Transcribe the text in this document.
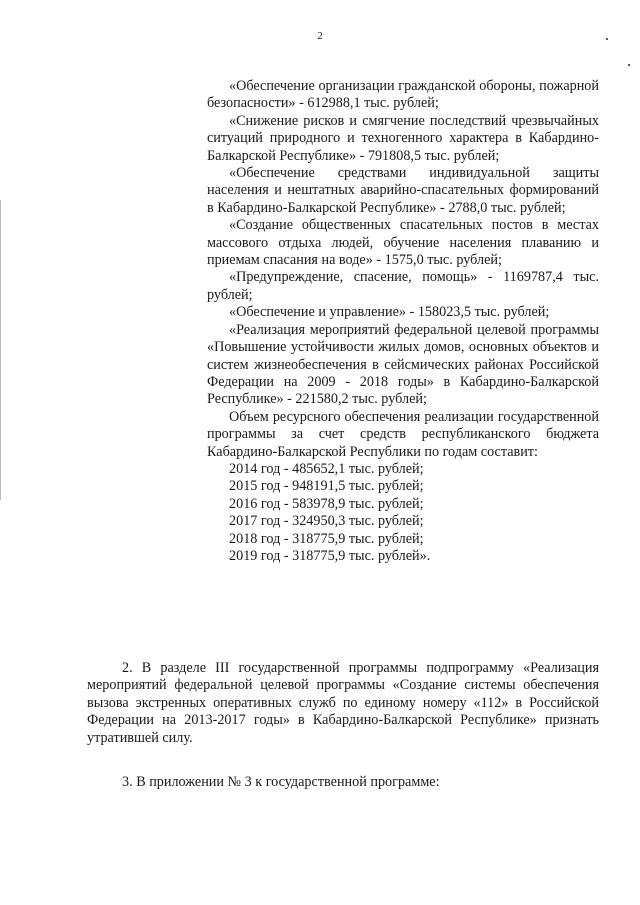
2

«Обеспечение организации гражданской обороны, пожарной безопасности» - 612988,1 тыс. рублей;

«Снижение рисков и смягчение последствий чрезвычайных ситуаций природного и техногенного характера в Кабардино-Балкарской Республике» - 791808,5 тыс. рублей;

«Обеспечение средствами индивидуальной защиты населения и нештатных аварийно-спасательных формирований в Кабардино-Балкарской Республике» - 2788,0 тыс. рублей;

«Создание общественных спасательных постов в местах массового отдыха людей, обучение населения плаванию и приемам спасания на воде» - 1575,0 тыс. рублей;

«Предупреждение, спасение, помощь» - 1169787,4 тыс. рублей;

«Обеспечение и управление» - 158023,5 тыс. рублей;

«Реализация мероприятий федеральной целевой программы «Повышение устойчивости жилых домов, основных объектов и систем жизнеобеспечения в сейсмических районах Российской Федерации на 2009 - 2018 годы» в Кабардино-Балкарской Республике» - 221580,2 тыс. рублей;

Объем ресурсного обеспечения реализации государственной программы за счет средств республиканского бюджета Кабардино-Балкарской Республики по годам составит:

2014 год - 485652,1 тыс. рублей;
2015 год - 948191,5 тыс. рублей;
2016 год - 583978,9 тыс. рублей;
2017 год - 324950,3 тыс. рублей;
2018 год - 318775,9 тыс. рублей;
2019 год - 318775,9 тыс. рублей».

2. В разделе III государственной программы подпрограмму «Реализация мероприятий федеральной целевой программы «Создание системы обеспечения вызова экстренных оперативных служб по единому номеру «112» в Российской Федерации на 2013-2017 годы» в Кабардино-Балкарской Республике» признать утратившей силу.

3. В приложении № 3 к государственной программе:
